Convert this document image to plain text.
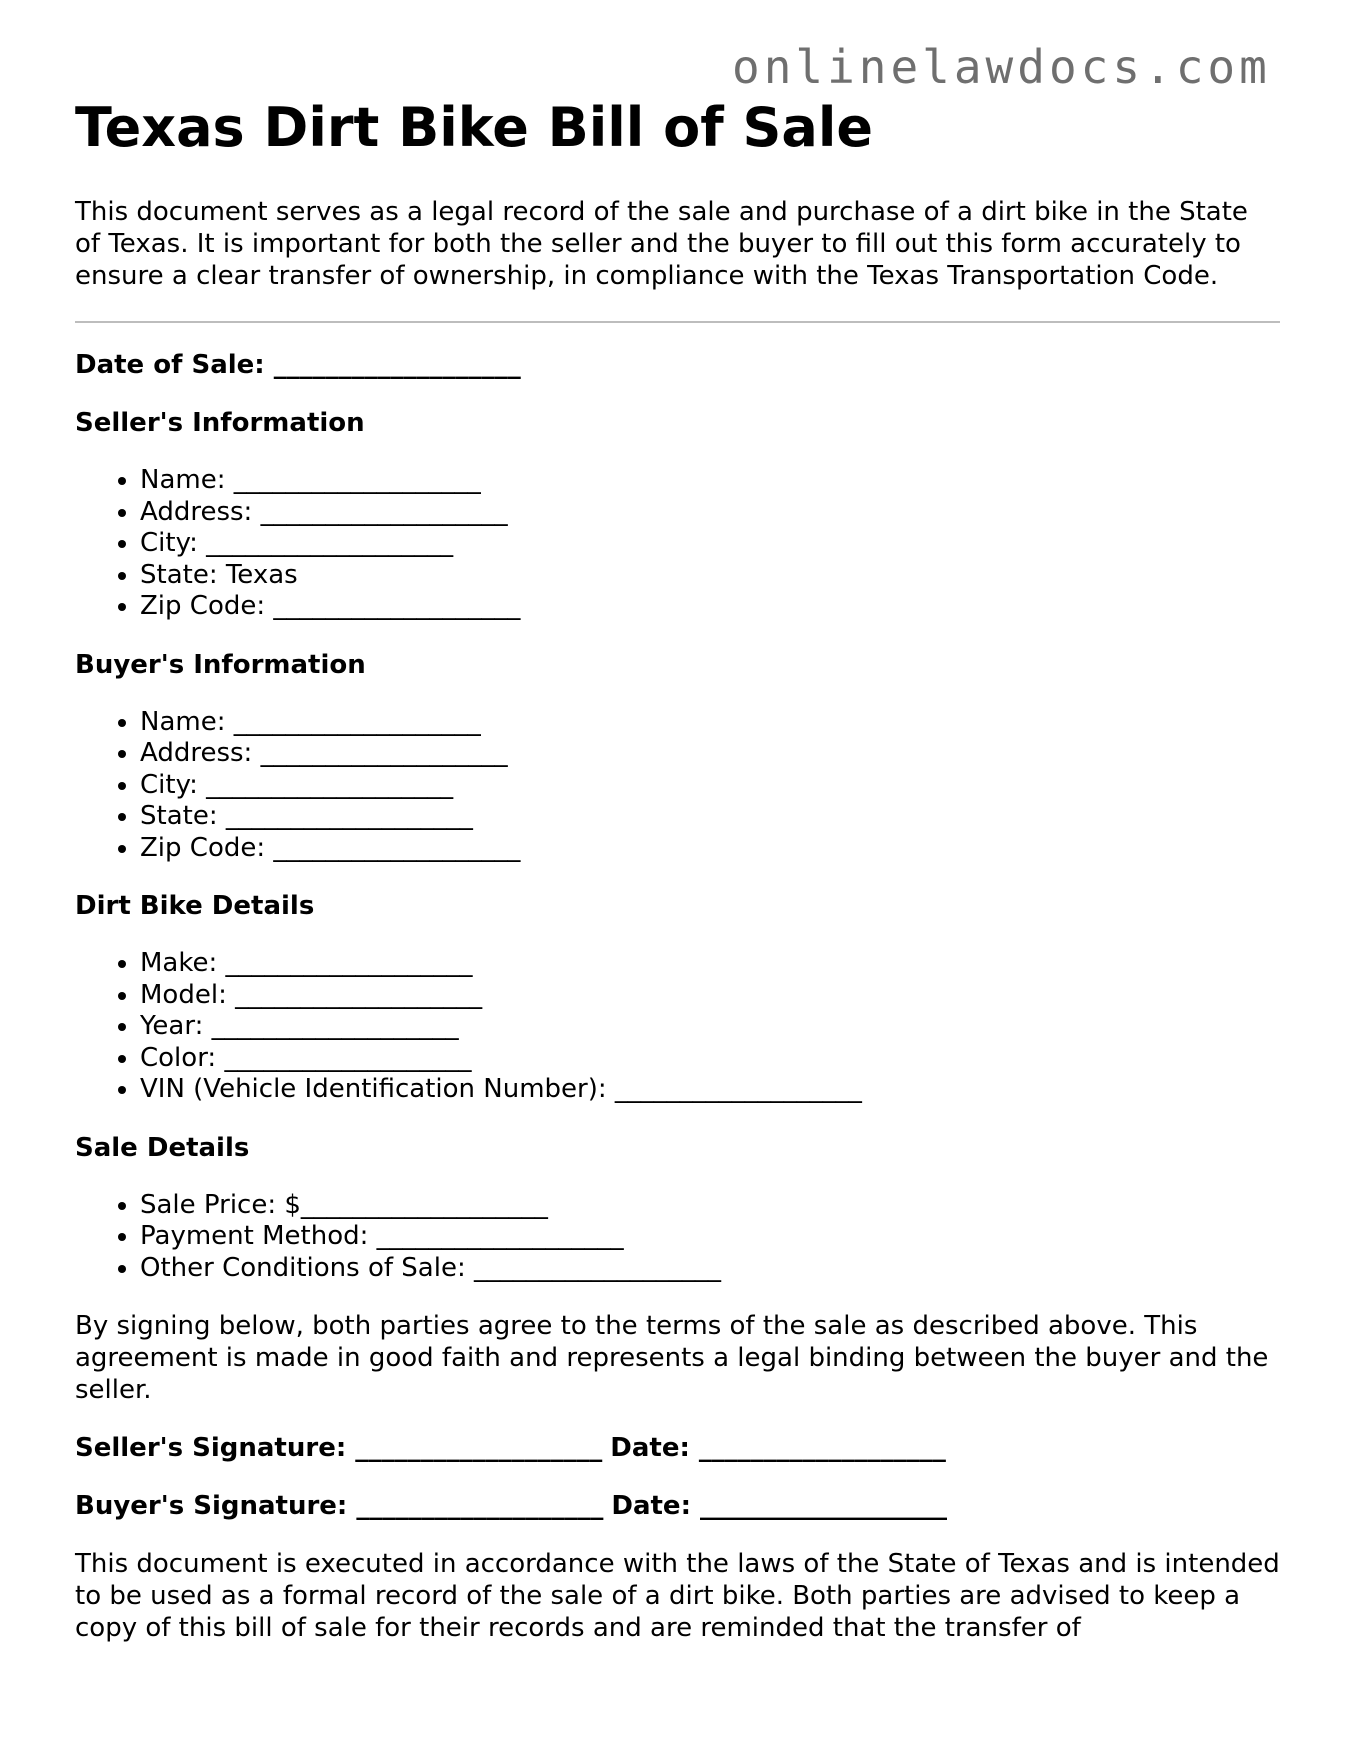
onlinelawdocs.com
Texas Dirt Bike Bill of Sale

This document serves as a legal record of the sale and purchase of a dirt bike in the State of Texas. It is important for both the seller and the buyer to fill out this form accurately to ensure a clear transfer of ownership, in compliance with the Texas Transportation Code.

Date of Sale: ___________________
Seller's Information
• Name: ___________________
• Address: ___________________
• City: ___________________
• State: Texas
• Zip Code: ___________________
Buyer's Information
• Name: ___________________
• Address: ___________________
• City: ___________________
• State: ___________________
• Zip Code: ___________________
Dirt Bike Details
• Make: ___________________
• Model: ___________________
• Year: ___________________
• Color: ___________________
• VIN (Vehicle Identification Number): ___________________
Sale Details
• Sale Price: $___________________
• Payment Method: ___________________
• Other Conditions of Sale: ___________________

By signing below, both parties agree to the terms of the sale as described above. This agreement is made in good faith and represents a legal binding between the buyer and the seller.

Seller's Signature: ___________________ Date: ___________________
Buyer's Signature: ___________________ Date: ___________________

This document is executed in accordance with the laws of the State of Texas and is intended to be used as a formal record of the sale of a dirt bike. Both parties are advised to keep a copy of this bill of sale for their records and are reminded that the transfer of
